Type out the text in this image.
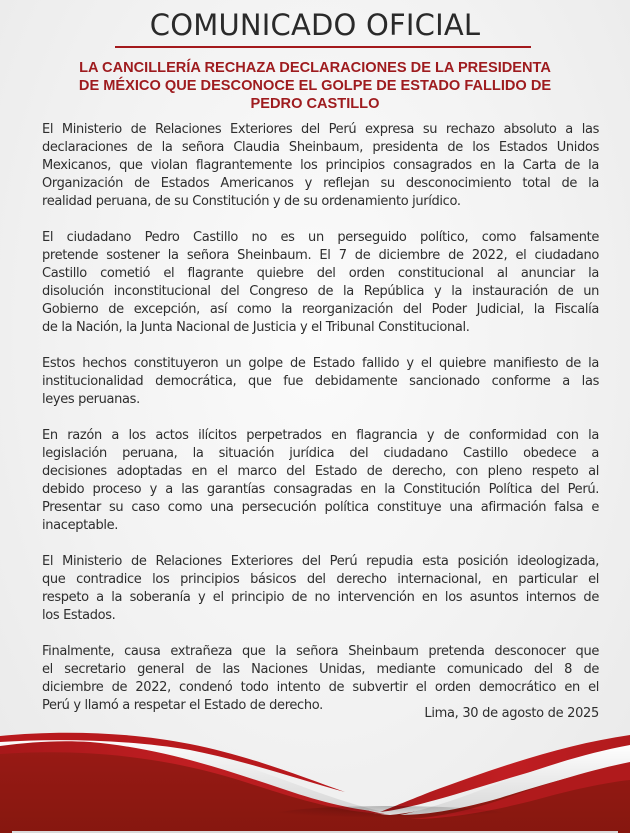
COMUNICADO OFICIAL
LA CANCILLERÍA RECHAZA DECLARACIONES DE LA PRESIDENTA
DE MÉXICO QUE DESCONOCE EL GOLPE DE ESTADO FALLIDO DE
PEDRO CASTILLO

El Ministerio de Relaciones Exteriores del Perú expresa su rechazo absoluto a las
declaraciones de la señora Claudia Sheinbaum, presidenta de los Estados Unidos
Mexicanos, que violan flagrantemente los principios consagrados en la Carta de la
Organización de Estados Americanos y reflejan su desconocimiento total de la
realidad peruana, de su Constitución y de su ordenamiento jurídico.

El ciudadano Pedro Castillo no es un perseguido político, como falsamente
pretende sostener la señora Sheinbaum. El 7 de diciembre de 2022, el ciudadano
Castillo cometió el flagrante quiebre del orden constitucional al anunciar la
disolución inconstitucional del Congreso de la República y la instauración de un
Gobierno de excepción, así como la reorganización del Poder Judicial, la Fiscalía
de la Nación, la Junta Nacional de Justicia y el Tribunal Constitucional.

Estos hechos constituyeron un golpe de Estado fallido y el quiebre manifiesto de la
institucionalidad democrática, que fue debidamente sancionado conforme a las
leyes peruanas.

En razón a los actos ilícitos perpetrados en flagrancia y de conformidad con la
legislación peruana, la situación jurídica del ciudadano Castillo obedece a
decisiones adoptadas en el marco del Estado de derecho, con pleno respeto al
debido proceso y a las garantías consagradas en la Constitución Política del Perú.
Presentar su caso como una persecución política constituye una afirmación falsa e
inaceptable.

El Ministerio de Relaciones Exteriores del Perú repudia esta posición ideologizada,
que contradice los principios básicos del derecho internacional, en particular el
respeto a la soberanía y el principio de no intervención en los asuntos internos de
los Estados.

Finalmente, causa extrañeza que la señora Sheinbaum pretenda desconocer que
el secretario general de las Naciones Unidas, mediante comunicado del 8 de
diciembre de 2022, condenó todo intento de subvertir el orden democrático en el
Perú y llamó a respetar el Estado de derecho.

Lima, 30 de agosto de 2025
